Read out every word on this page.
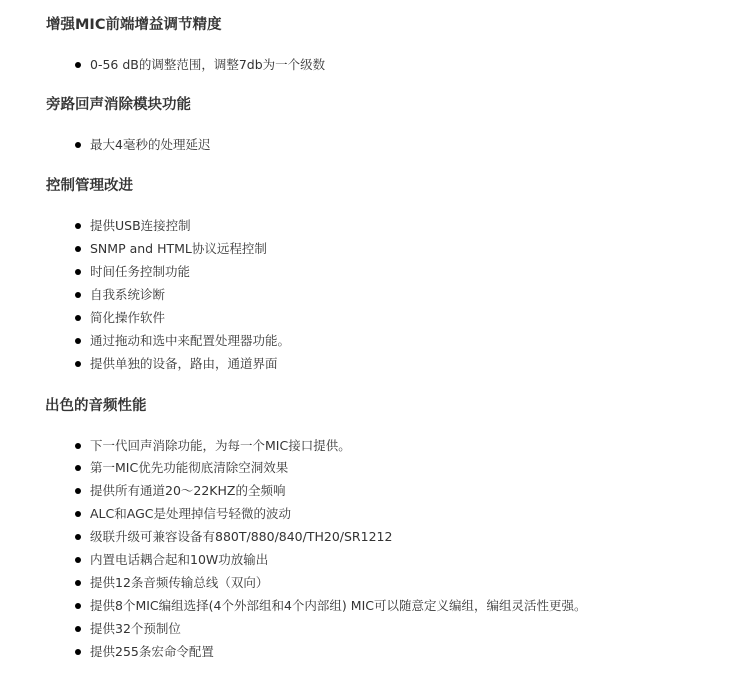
增强MIC前端增益调节精度
0-56 dB的调整范围，调整7db为一个级数
旁路回声消除模块功能
最大4毫秒的处理延迟
控制管理改进
提供USB连接控制
SNMP and HTML协议远程控制
时间任务控制功能
自我系统诊断
简化操作软件
通过拖动和选中来配置处理器功能。
提供单独的设备，路由，通道界面
出色的音频性能
下一代回声消除功能，为每一个MIC接口提供。
第一MIC优先功能彻底清除空洞效果
提供所有通道20～22KHZ的全频响
ALC和AGC是处理掉信号轻微的波动
级联升级可兼容设备有880T/880/840/TH20/SR1212
内置电话耦合起和10W功放输出
提供12条音频传输总线（双向）
提供8个MIC编组选择(4个外部组和4个内部组) MIC可以随意定义编组，编组灵活性更强。
提供32个预制位
提供255条宏命令配置
